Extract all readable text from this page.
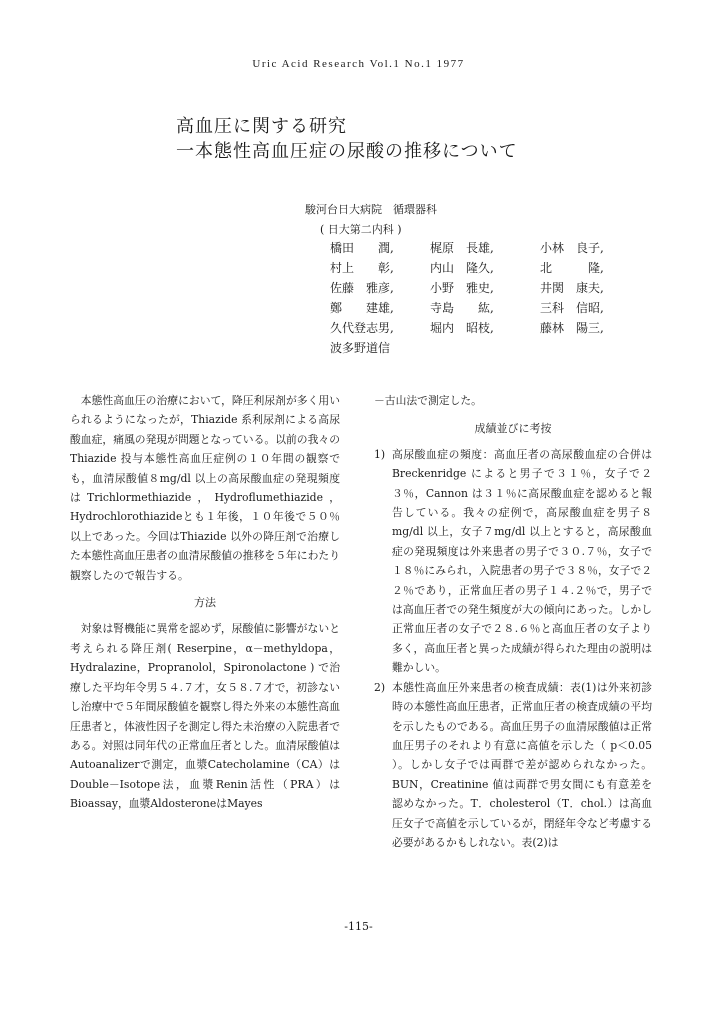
Uric Acid Research Vol.1 No.1 1977
高血圧に関する研究
一本態性高血圧症の尿酸の推移について
駿河台日大病院　循環器科
( 日大第二内科 )
橋田　　潤,	梶原　長雄,	小林　良子,
村上　　彰,	内山　隆久,	北　　　隆,
佐藤　雅彦,	小野　雅史,	井関　康夫,
鄭　　建雄,	寺島　　紘,	三科　信昭,
久代登志男,	堀内　昭枝,	藤林　陽三,
波多野道信

本態性高血圧の治療において，降圧利尿剤が多く用いられるようになったが，Thiazide 系利尿剤による高尿酸血症，痛風の発現が問題となっている。以前の我々のThiazide 投与本態性高血圧症例の１０年間の観察でも，血清尿酸値８mg/dl 以上の高尿酸血症の発現頻度はTrichlormethiazide，Hydroflumethiazide，Hydrochlorothiazideとも１年後，１０年後で５０％以上であった。今回はThiazide 以外の降圧剤で治療した本態性高血圧患者の血清尿酸値の推移を５年にわたり観察したので報告する。

方法

対象は腎機能に異常を認めず，尿酸値に影響がないと考えられる降圧剤( Reserpine，α－methyldopa，Hydralazine，Propranolol，Spironolactone ) で治療した平均年令男５４.７才，女５８.７才で，初診ないし治療中で５年間尿酸値を観察し得た外来の本態性高血圧患者と，体液性因子を測定し得た未治療の入院患者である。対照は同年代の正常血圧者とした。血清尿酸値はAutoanalizerで測定，血漿Catecholamine（CA）はDouble－Isotope法，血漿Renin活性（PRA）はBioassay，血漿AldosteroneはMayes

－古山法で測定した。

成績並びに考按
1) 高尿酸血症の頻度：高血圧者の高尿酸血症の合併はBreckenridge によると男子で３１％，女子で２３％，Cannon は３１％に高尿酸血症を認めると報告している。我々の症例で，高尿酸血症を男子８mg/dl 以上，女子７mg/dl 以上とすると，高尿酸血症の発現頻度は外来患者の男子で３０.７％，女子で１８％にみられ，入院患者の男子で３８％，女子で２２％であり，正常血圧者の男子１４.２％で，男子では高血圧者での発生頻度が大の傾向にあった。しかし正常血圧者の女子で２８.６％と高血圧者の女子より多く，高血圧者と異った成績が得られた理由の説明は難かしい。
2) 本態性高血圧外来患者の検査成績：表(1)は外来初診時の本態性高血圧患者，正常血圧者の検査成績の平均を示したものである。高血圧男子の血清尿酸値は正常血圧男子のそれより有意に高値を示した（ p＜0.05 ）。しかし女子では両群で差が認められなかった。BUN，Creatinine 値は両群で男女間にも有意差を認めなかった。T．cholesterol（T．chol.）は高血圧女子で高値を示しているが，閉経年令など考慮する必要があるかもしれない。表(2)は
-115-
